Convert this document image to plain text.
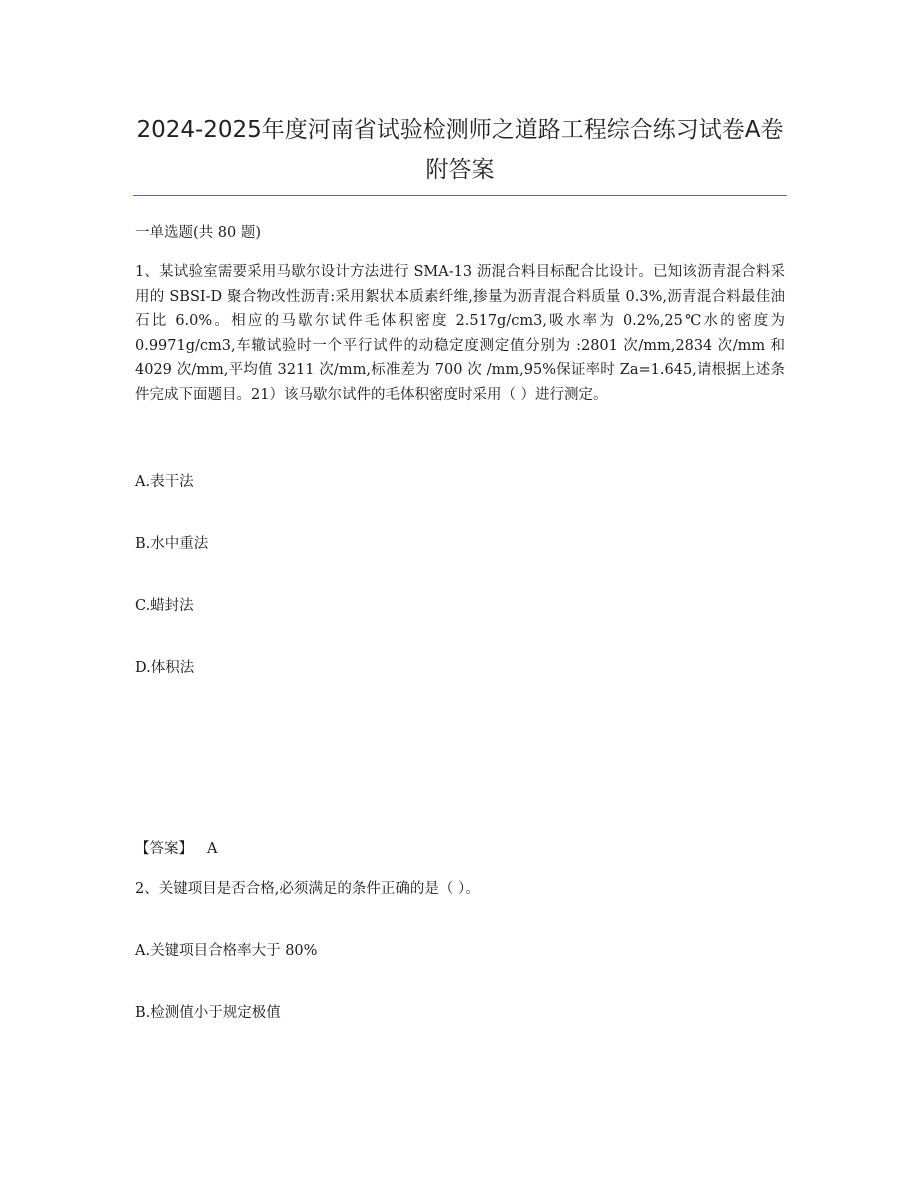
2024-2025年度河南省试验检测师之道路工程综合练习试卷A卷附答案

一单选题(共 80 题)

1、某试验室需要采用马歇尔设计方法进行 SMA-13 沥混合料目标配合比设计。已知该沥青混合料采用的 SBSI-D 聚合物改性沥青:采用絮状本质素纤维,掺量为沥青混合料质量 0.3%,沥青混合料最佳油石比 6.0%。相应的马歇尔试件毛体积密度 2.517g/cm3,吸水率为 0.2%,25℃水的密度为 0.9971g/cm3,车辙试验时一个平行试件的动稳定度测定值分别为 :2801 次/mm,2834 次/mm 和 4029 次/mm,平均值 3211 次/mm,标准差为 700 次 /mm,95%保证率时 Za=1.645,请根据上述条件完成下面题目。21）该马歇尔试件的毛体积密度时采用（ ）进行测定。

A.表干法

B.水中重法

C.蜡封法

D.体积法

【答案】 A

2、关键项目是否合格,必须满足的条件正确的是（ ）。

A.关键项目合格率大于 80%

B.检测值小于规定极值
